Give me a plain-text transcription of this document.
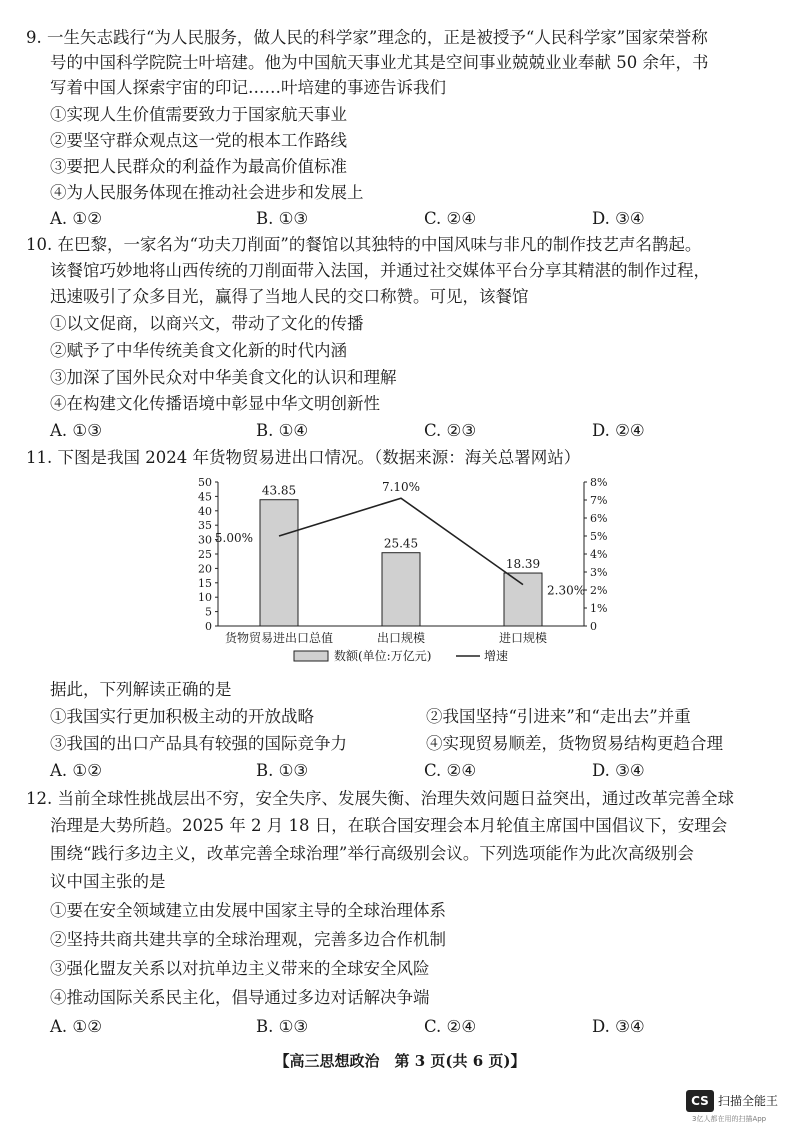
9. 一生矢志践行“为人民服务，做人民的科学家”理念的，正是被授予“人民科学家”国家荣誉称
号的中国科学院院士叶培建。他为中国航天事业尤其是空间事业兢兢业业奉献 50 余年，书
写着中国人探索宇宙的印记……叶培建的事迹告诉我们
①实现人生价值需要致力于国家航天事业
②要坚守群众观点这一党的根本工作路线
③要把人民群众的利益作为最高价值标准
④为人民服务体现在推动社会进步和发展上
A. ①②	B. ①③	C. ②④	D. ③④
10. 在巴黎，一家名为“功夫刀削面”的餐馆以其独特的中国风味与非凡的制作技艺声名鹊起。
该餐馆巧妙地将山西传统的刀削面带入法国，并通过社交媒体平台分享其精湛的制作过程，
迅速吸引了众多目光，赢得了当地人民的交口称赞。可见，该餐馆
①以文促商，以商兴文，带动了文化的传播
②赋予了中华传统美食文化新的时代内涵
③加深了国外民众对中华美食文化的认识和理解
④在构建文化传播语境中彰显中华文明创新性
A. ①③	B. ①④	C. ②③	D. ②④
11. 下图是我国 2024 年货物贸易进出口情况。（数据来源：海关总署网站）
0
5
10
15
20
25
30
35
40
45
50
0
1%
2%
3%
4%
5%
6%
7%
8%
43.85
货物贸易进出口总值
25.45
出口规模
18.39
进口规模
5.00%
7.10%
2.30%
数额(单位:万亿元)	增速
据此，下列解读正确的是
①我国实行更加积极主动的开放战略	②我国坚持“引进来”和“走出去”并重
③我国的出口产品具有较强的国际竞争力	④实现贸易顺差，货物贸易结构更趋合理
A. ①②	B. ①③	C. ②④	D. ③④
12. 当前全球性挑战层出不穷，安全失序、发展失衡、治理失效问题日益突出，通过改革完善全球
治理是大势所趋。2025 年 2 月 18 日，在联合国安理会本月轮值主席国中国倡议下，安理会
围绕“践行多边主义，改革完善全球治理”举行高级别会议。下列选项能作为此次高级别会
议中国主张的是
①要在安全领域建立由发展中国家主导的全球治理体系
②坚持共商共建共享的全球治理观，完善多边合作机制
③强化盟友关系以对抗单边主义带来的全球安全风险
④推动国际关系民主化，倡导通过多边对话解决争端
A. ①②	B. ①③	C. ②④	D. ③④
【高三思想政治　第 3 页(共 6 页)】
CS 扫描全能王
3亿人都在用的扫描App
